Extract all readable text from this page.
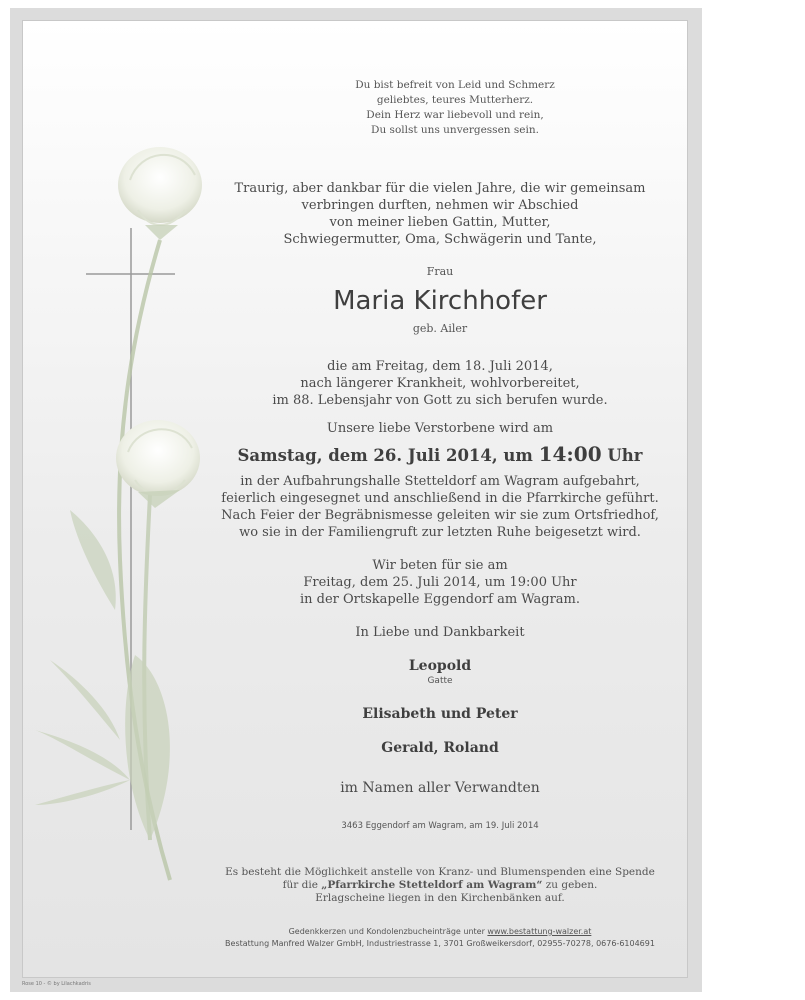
Du bist befreit von Leid und Schmerz
geliebtes, teures Mutterherz.
Dein Herz war liebevoll und rein,
Du sollst uns unvergessen sein.

Traurig, aber dankbar für die vielen Jahre, die wir gemeinsam
verbringen durften, nehmen wir Abschied
von meiner lieben Gattin, Mutter,
Schwiegermutter, Oma, Schwägerin und Tante,

Frau

Maria Kirchhofer

geb. Ailer

die am Freitag, dem 18. Juli 2014,
nach längerer Krankheit, wohlvorbereitet,
im 88. Lebensjahr von Gott zu sich berufen wurde.

Unsere liebe Verstorbene wird am

Samstag, dem 26. Juli 2014, um 14:00 Uhr

in der Aufbahrungshalle Stetteldorf am Wagram aufgebahrt,
feierlich eingesegnet und anschließend in die Pfarrkirche geführt.
Nach Feier der Begräbnismesse geleiten wir sie zum Ortsfriedhof,
wo sie in der Familiengruft zur letzten Ruhe beigesetzt wird.

Wir beten für sie am
Freitag, dem 25. Juli 2014, um 19:00 Uhr
in der Ortskapelle Eggendorf am Wagram.

In Liebe und Dankbarkeit

Leopold

Gatte

Elisabeth und Peter

Gerald, Roland

im Namen aller Verwandten

3463 Eggendorf am Wagram, am 19. Juli 2014

Es besteht die Möglichkeit anstelle von Kranz- und Blumenspenden eine Spende
für die „Pfarrkirche Stetteldorf am Wagram“ zu geben.
Erlagscheine liegen in den Kirchenbänken auf.

Gedenkkerzen und Kondolenzbucheinträge unter www.bestattung-walzer.at
Bestattung Manfred Walzer GmbH, Industriestrasse 1, 3701 Großweikersdorf, 02955-70278, 0676-6104691

Rose 10 - © by Lilachkadris
